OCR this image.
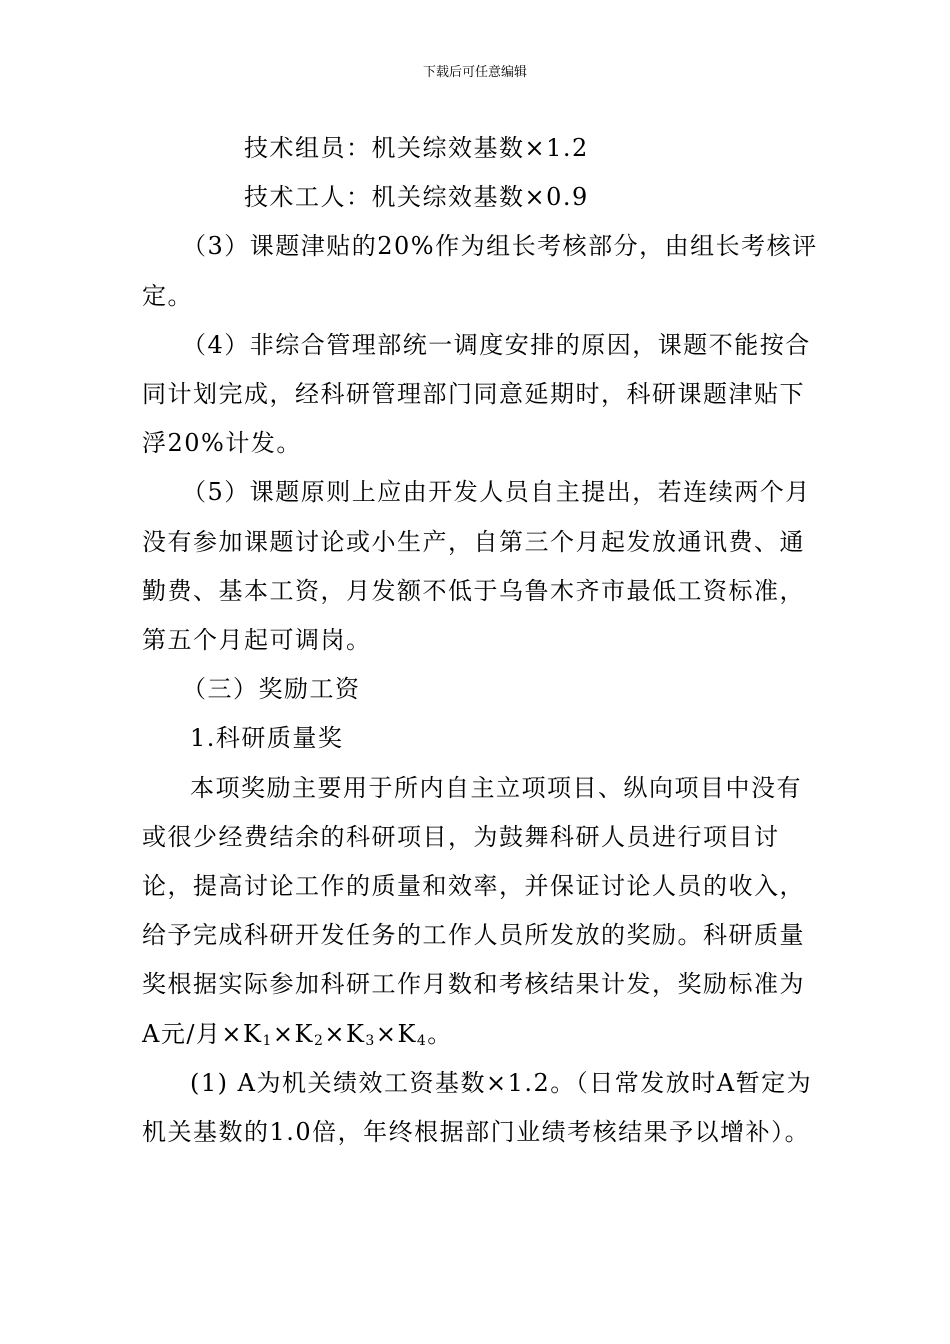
下载后可任意编辑

技术组员：机关综效基数×1.2

技术工人：机关综效基数×0.9

（3）课题津贴的20%作为组长考核部分，由组长考核评定。

（4）非综合管理部统一调度安排的原因，课题不能按合同计划完成，经科研管理部门同意延期时，科研课题津贴下浮20%计发。

（5）课题原则上应由开发人员自主提出，若连续两个月没有参加课题讨论或小生产，自第三个月起发放通讯费、通勤费、基本工资，月发额不低于乌鲁木齐市最低工资标准，第五个月起可调岗。

（三）奖励工资

1.科研质量奖

本项奖励主要用于所内自主立项项目、纵向项目中没有或很少经费结余的科研项目，为鼓舞科研人员进行项目讨论，提高讨论工作的质量和效率，并保证讨论人员的收入，给予完成科研开发任务的工作人员所发放的奖励。科研质量奖根据实际参加科研工作月数和考核结果计发，奖励标准为A元/月$\times K_1\times K_2\times K_3\times K_4$。

(1) A为机关绩效工资基数×1.2。（日常发放时A暂定为机关基数的1.0倍，年终根据部门业绩考核结果予以增补）。
